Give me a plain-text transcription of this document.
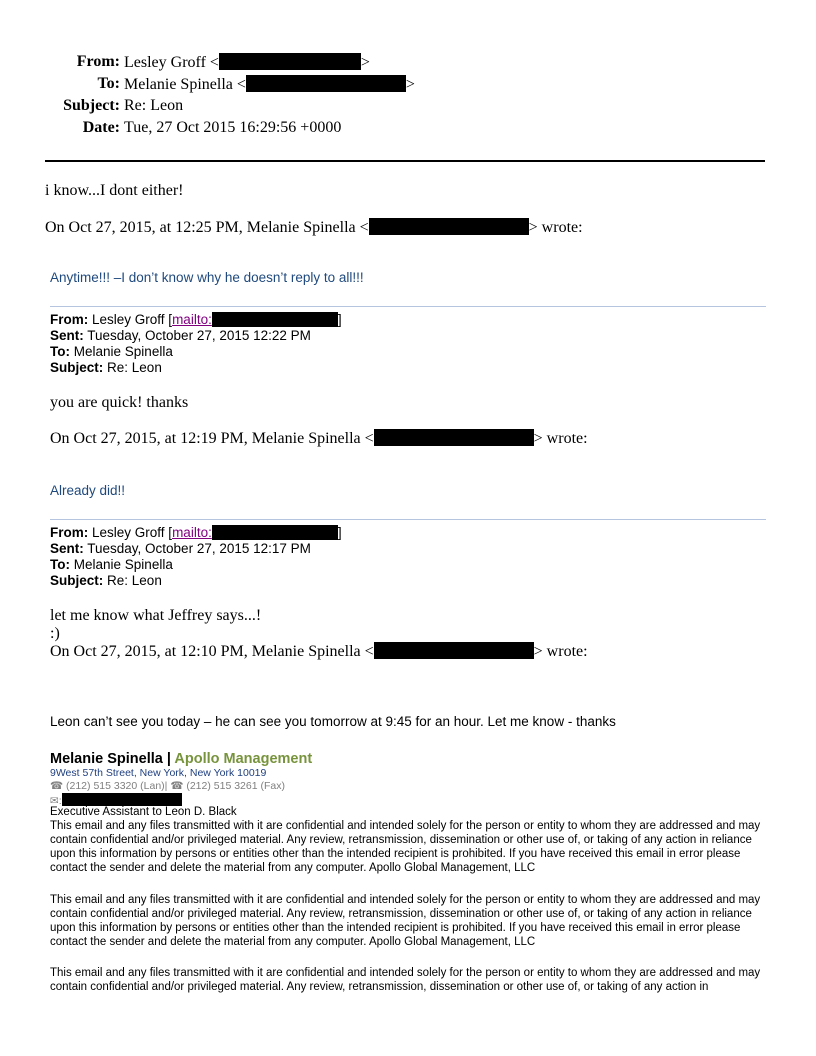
From: Lesley Groff <	>
To: Melanie Spinella <	>
Subject: Re: Leon
Date: Tue, 27 Oct 2015 16:29:56 +0000
i know...I dont either!
On Oct 27, 2015, at 12:25 PM, Melanie Spinella <	> wrote:
Anytime!!! –I don’t know why he doesn’t reply to all!!!
From: Lesley Groff [mailto:	]
Sent: Tuesday, October 27, 2015 12:22 PM
To: Melanie Spinella
Subject: Re: Leon
you are quick! thanks
On Oct 27, 2015, at 12:19 PM, Melanie Spinella <	> wrote:
Already did!!
From: Lesley Groff [mailto:	]
Sent: Tuesday, October 27, 2015 12:17 PM
To: Melanie Spinella
Subject: Re: Leon
let me know what Jeffrey says...!
:)
On Oct 27, 2015, at 12:10 PM, Melanie Spinella <	> wrote:
Leon can’t see you today – he can see you tomorrow at 9:45 for an hour. Let me know - thanks
Melanie Spinella | Apollo Management
9West 57th Street, New York, New York 10019
☎ (212) 515 3320 (Lan)| ☎ (212) 515 3261 (Fax)
✉:
Executive Assistant to Leon D. Black
This email and any files transmitted with it are confidential and intended solely for the person or entity to whom they are addressed and may contain confidential and/or privileged material. Any review, retransmission, dissemination or other use of, or taking of any action in reliance upon this information by persons or entities other than the intended recipient is prohibited. If you have received this email in error please contact the sender and delete the material from any computer. Apollo Global Management, LLC
This email and any files transmitted with it are confidential and intended solely for the person or entity to whom they are addressed and may contain confidential and/or privileged material. Any review, retransmission, dissemination or other use of, or taking of any action in reliance upon this information by persons or entities other than the intended recipient is prohibited. If you have received this email in error please contact the sender and delete the material from any computer. Apollo Global Management, LLC
This email and any files transmitted with it are confidential and intended solely for the person or entity to whom they are addressed and may contain confidential and/or privileged material. Any review, retransmission, dissemination or other use of, or taking of any action in
